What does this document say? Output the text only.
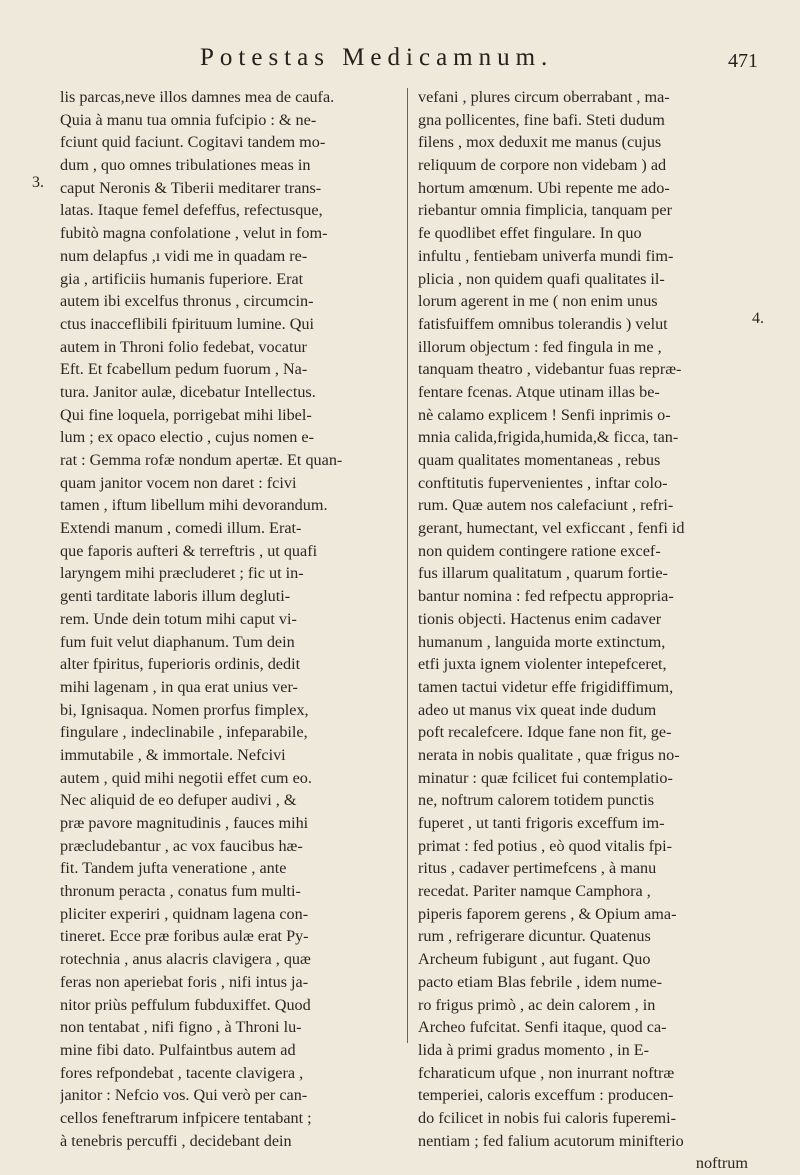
Potestas Medicamnum.	471
3.
4.
lis parcas,neve illos damnes mea de caufa.
Quia à manu tua omnia fufcipio : & ne-
fciunt quid faciunt. Cogitavi tandem mo-
dum , quo omnes tribulationes meas in
caput Neronis & Tiberii meditarer trans-
latas. Itaque femel defeffus, refectusque,
fubitò magna confolatione , velut in fom-
num delapfus ,ı vidi me in quadam re-
gia , artificiis humanis fuperiore. Erat
autem ibi excelfus thronus , circumcin-
ctus inacceflibili fpirituum lumine. Qui
autem in Throni folio fedebat, vocatur
Eft. Et fcabellum pedum fuorum , Na-
tura. Janitor aulæ, dicebatur Intellectus.
Qui fine loquela, porrigebat mihi libel-
lum ; ex opaco electio , cujus nomen e-
rat : Gemma rofæ nondum apertæ. Et quan-
quam janitor vocem non daret : fcivi
tamen , iftum libellum mihi devorandum.
Extendi manum , comedi illum. Erat-
que faporis aufteri & terreftris , ut quafi
laryngem mihi præcluderet ; fic ut in-
genti tarditate laboris illum degluti-
rem. Unde dein totum mihi caput vi-
fum fuit velut diaphanum. Tum dein
alter fpiritus, fuperioris ordinis, dedit
mihi lagenam , in qua erat unius ver-
bi, Ignisaqua. Nomen prorfus fimplex,
fingulare , indeclinabile , infeparabile,
immutabile , & immortale. Nefcivi
autem , quid mihi negotii effet cum eo.
Nec aliquid de eo defuper audivi , &
præ pavore magnitudinis , fauces mihi
præcludebantur , ac vox faucibus hæ-
fit. Tandem jufta veneratione , ante
thronum peracta , conatus fum multi-
pliciter experiri , quidnam lagena con-
tineret. Ecce præ foribus aulæ erat Py-
rotechnia , anus alacris clavigera , quæ
feras non aperiebat foris , nifi intus ja-
nitor priùs peffulum fubduxiffet. Quod
non tentabat , nifi figno , à Throni lu-
mine fibi dato. Pulfaintbus autem ad
fores refpondebat , tacente clavigera ,
janitor : Nefcio vos. Qui verò per can-
cellos feneftrarum infpicere tentabant ;
à tenebris percuffi , decidebant dein
vefani , plures circum oberrabant , ma-
gna pollicentes, fine bafi. Steti dudum
filens , mox deduxit me manus (cujus
reliquum de corpore non videbam ) ad
hortum amœnum. Ubi repente me ado-
riebantur omnia fimplicia, tanquam per
fe quodlibet effet fingulare. In quo
infultu , fentiebam univerfa mundi fim-
plicia , non quidem quafi qualitates il-
lorum agerent in me ( non enim unus
fatisfuiffem omnibus tolerandis ) velut
illorum objectum : fed fingula in me ,
tanquam theatro , videbantur fuas repræ-
fentare fcenas. Atque utinam illas be-
nè calamo explicem ! Senfi inprimis o-
mnia calida,frigida,humida,& ficca, tan-
quam qualitates momentaneas , rebus
conftitutis fupervenientes , inftar colo-
rum. Quæ autem nos calefaciunt , refri-
gerant, humectant, vel exficcant , fenfi id
non quidem contingere ratione excef-
fus illarum qualitatum , quarum fortie-
bantur nomina : fed refpectu appropria-
tionis objecti. Hactenus enim cadaver
humanum , languida morte extinctum,
etfi juxta ignem violenter intepefceret,
tamen tactui videtur effe frigidiffimum,
adeo ut manus vix queat inde dudum
poft recalefcere. Idque fane non fit, ge-
nerata in nobis qualitate , quæ frigus no-
minatur : quæ fcilicet fui contemplatio-
ne, noftrum calorem totidem punctis
fuperet , ut tanti frigoris exceffum im-
primat : fed potius , eò quod vitalis fpi-
ritus , cadaver pertimefcens , à manu
recedat. Pariter namque Camphora ,
piperis faporem gerens , & Opium ama-
rum , refrigerare dicuntur. Quatenus
Archeum fubigunt , aut fugant. Quo
pacto etiam Blas febrile , idem nume-
ro frigus primò , ac dein calorem , in
Archeo fufcitat. Senfi itaque, quod ca-
lida à primi gradus momento , in E-
fcharaticum ufque , non inurrant noftræ
temperiei, caloris exceffum : producen-
do fcilicet in nobis fui caloris fuperemi-
nentiam ; fed falium acutorum minifterio
noftrum
